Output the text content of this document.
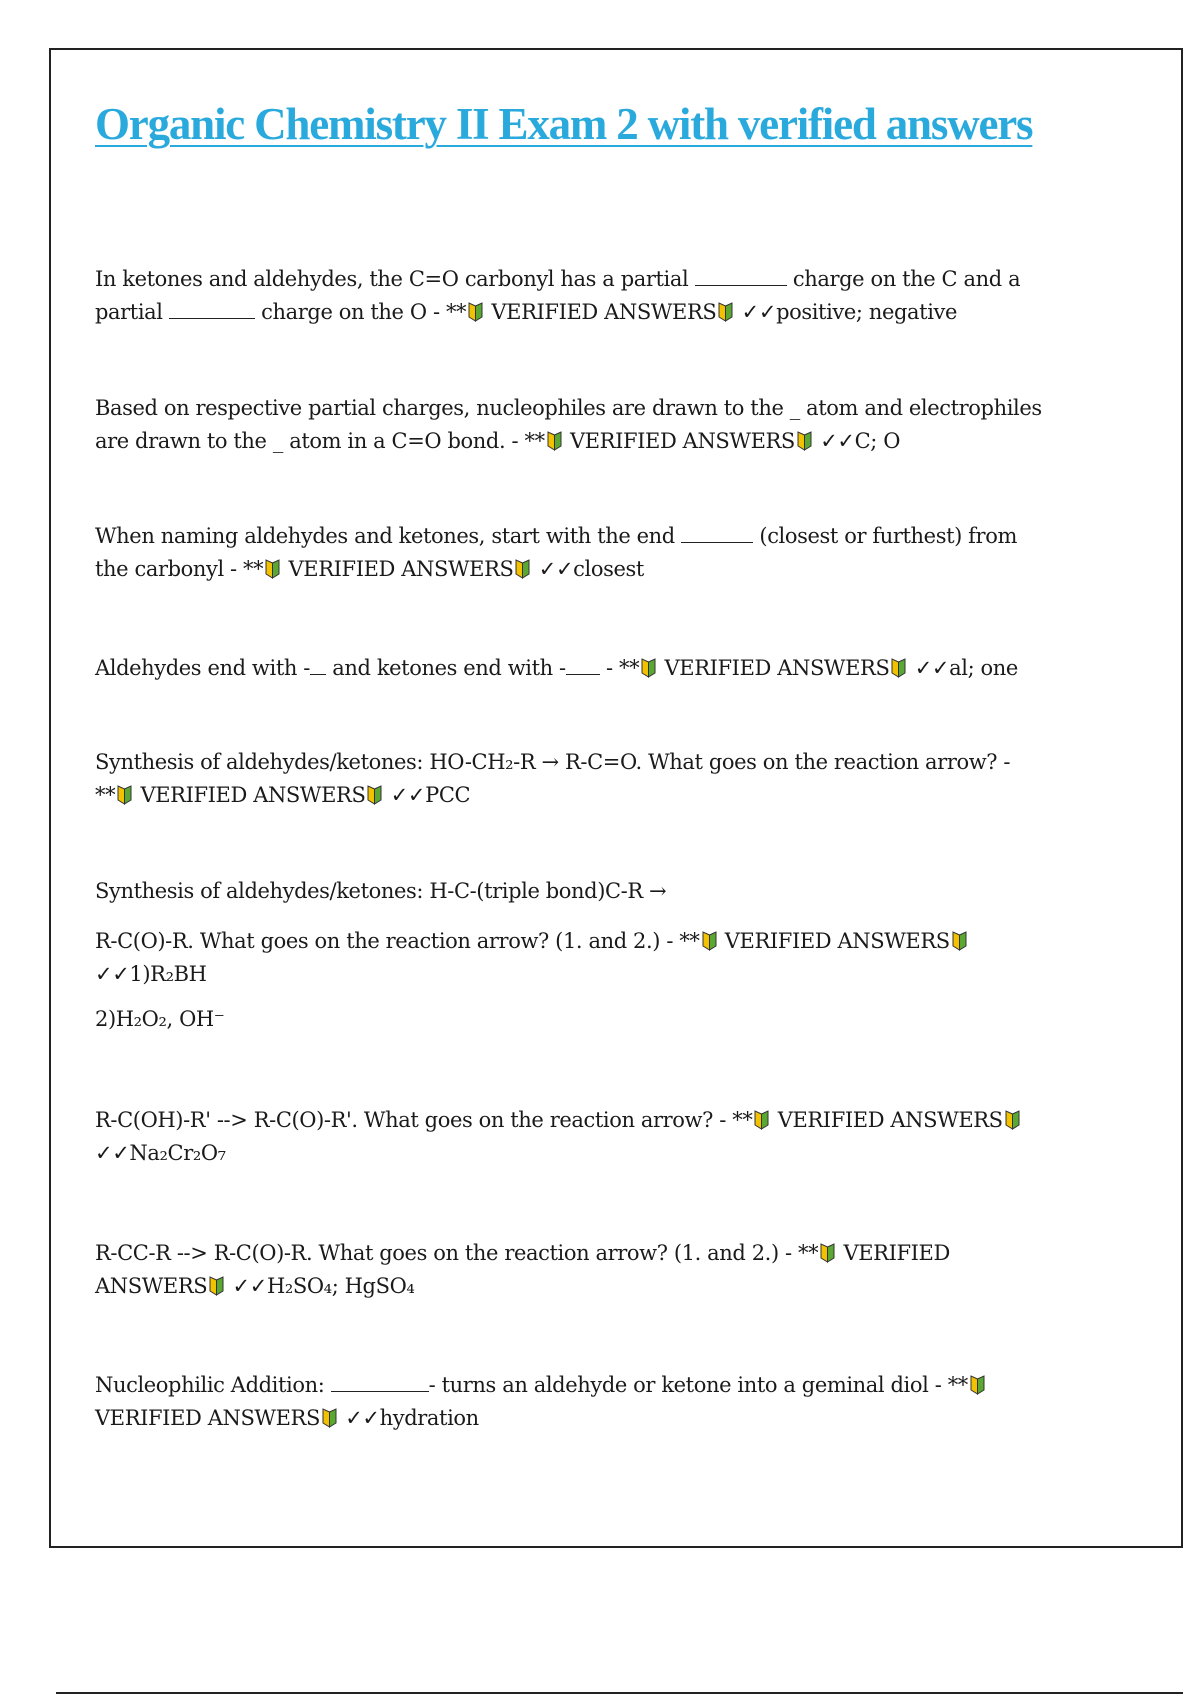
Organic Chemistry II Exam 2 with verified answers
In ketones and aldehydes, the C=O carbonyl has a partial	charge on the C and a
partial	charge on the O - ** VERIFIED ANSWERS ✓✓positive; negative
Based on respective partial charges, nucleophiles are drawn to the _ atom and electrophiles
are drawn to the _ atom in a C=O bond. - ** VERIFIED ANSWERS ✓✓C; O
When naming aldehydes and ketones, start with the end	(closest or furthest) from
the carbonyl - ** VERIFIED ANSWERS ✓✓closest
Aldehydes end with - and ketones end with - - ** VERIFIED ANSWERS ✓✓al; one
Synthesis of aldehydes/ketones: HO-CH₂-R → R-C=O. What goes on the reaction arrow? -
** VERIFIED ANSWERS ✓✓PCC
Synthesis of aldehydes/ketones: H-C-(triple bond)C-R →
R-C(O)-R. What goes on the reaction arrow? (1. and 2.) - ** VERIFIED ANSWERS
✓✓1)R₂BH
2)H₂O₂, OH⁻
R-C(OH)-R' --> R-C(O)-R'. What goes on the reaction arrow? - ** VERIFIED ANSWERS
✓✓Na₂Cr₂O₇
R-CC-R --> R-C(O)-R. What goes on the reaction arrow? (1. and 2.) - ** VERIFIED
ANSWERS ✓✓H₂SO₄; HgSO₄
Nucleophilic Addition:	- turns an aldehyde or ketone into a geminal diol - **
VERIFIED ANSWERS ✓✓hydration
